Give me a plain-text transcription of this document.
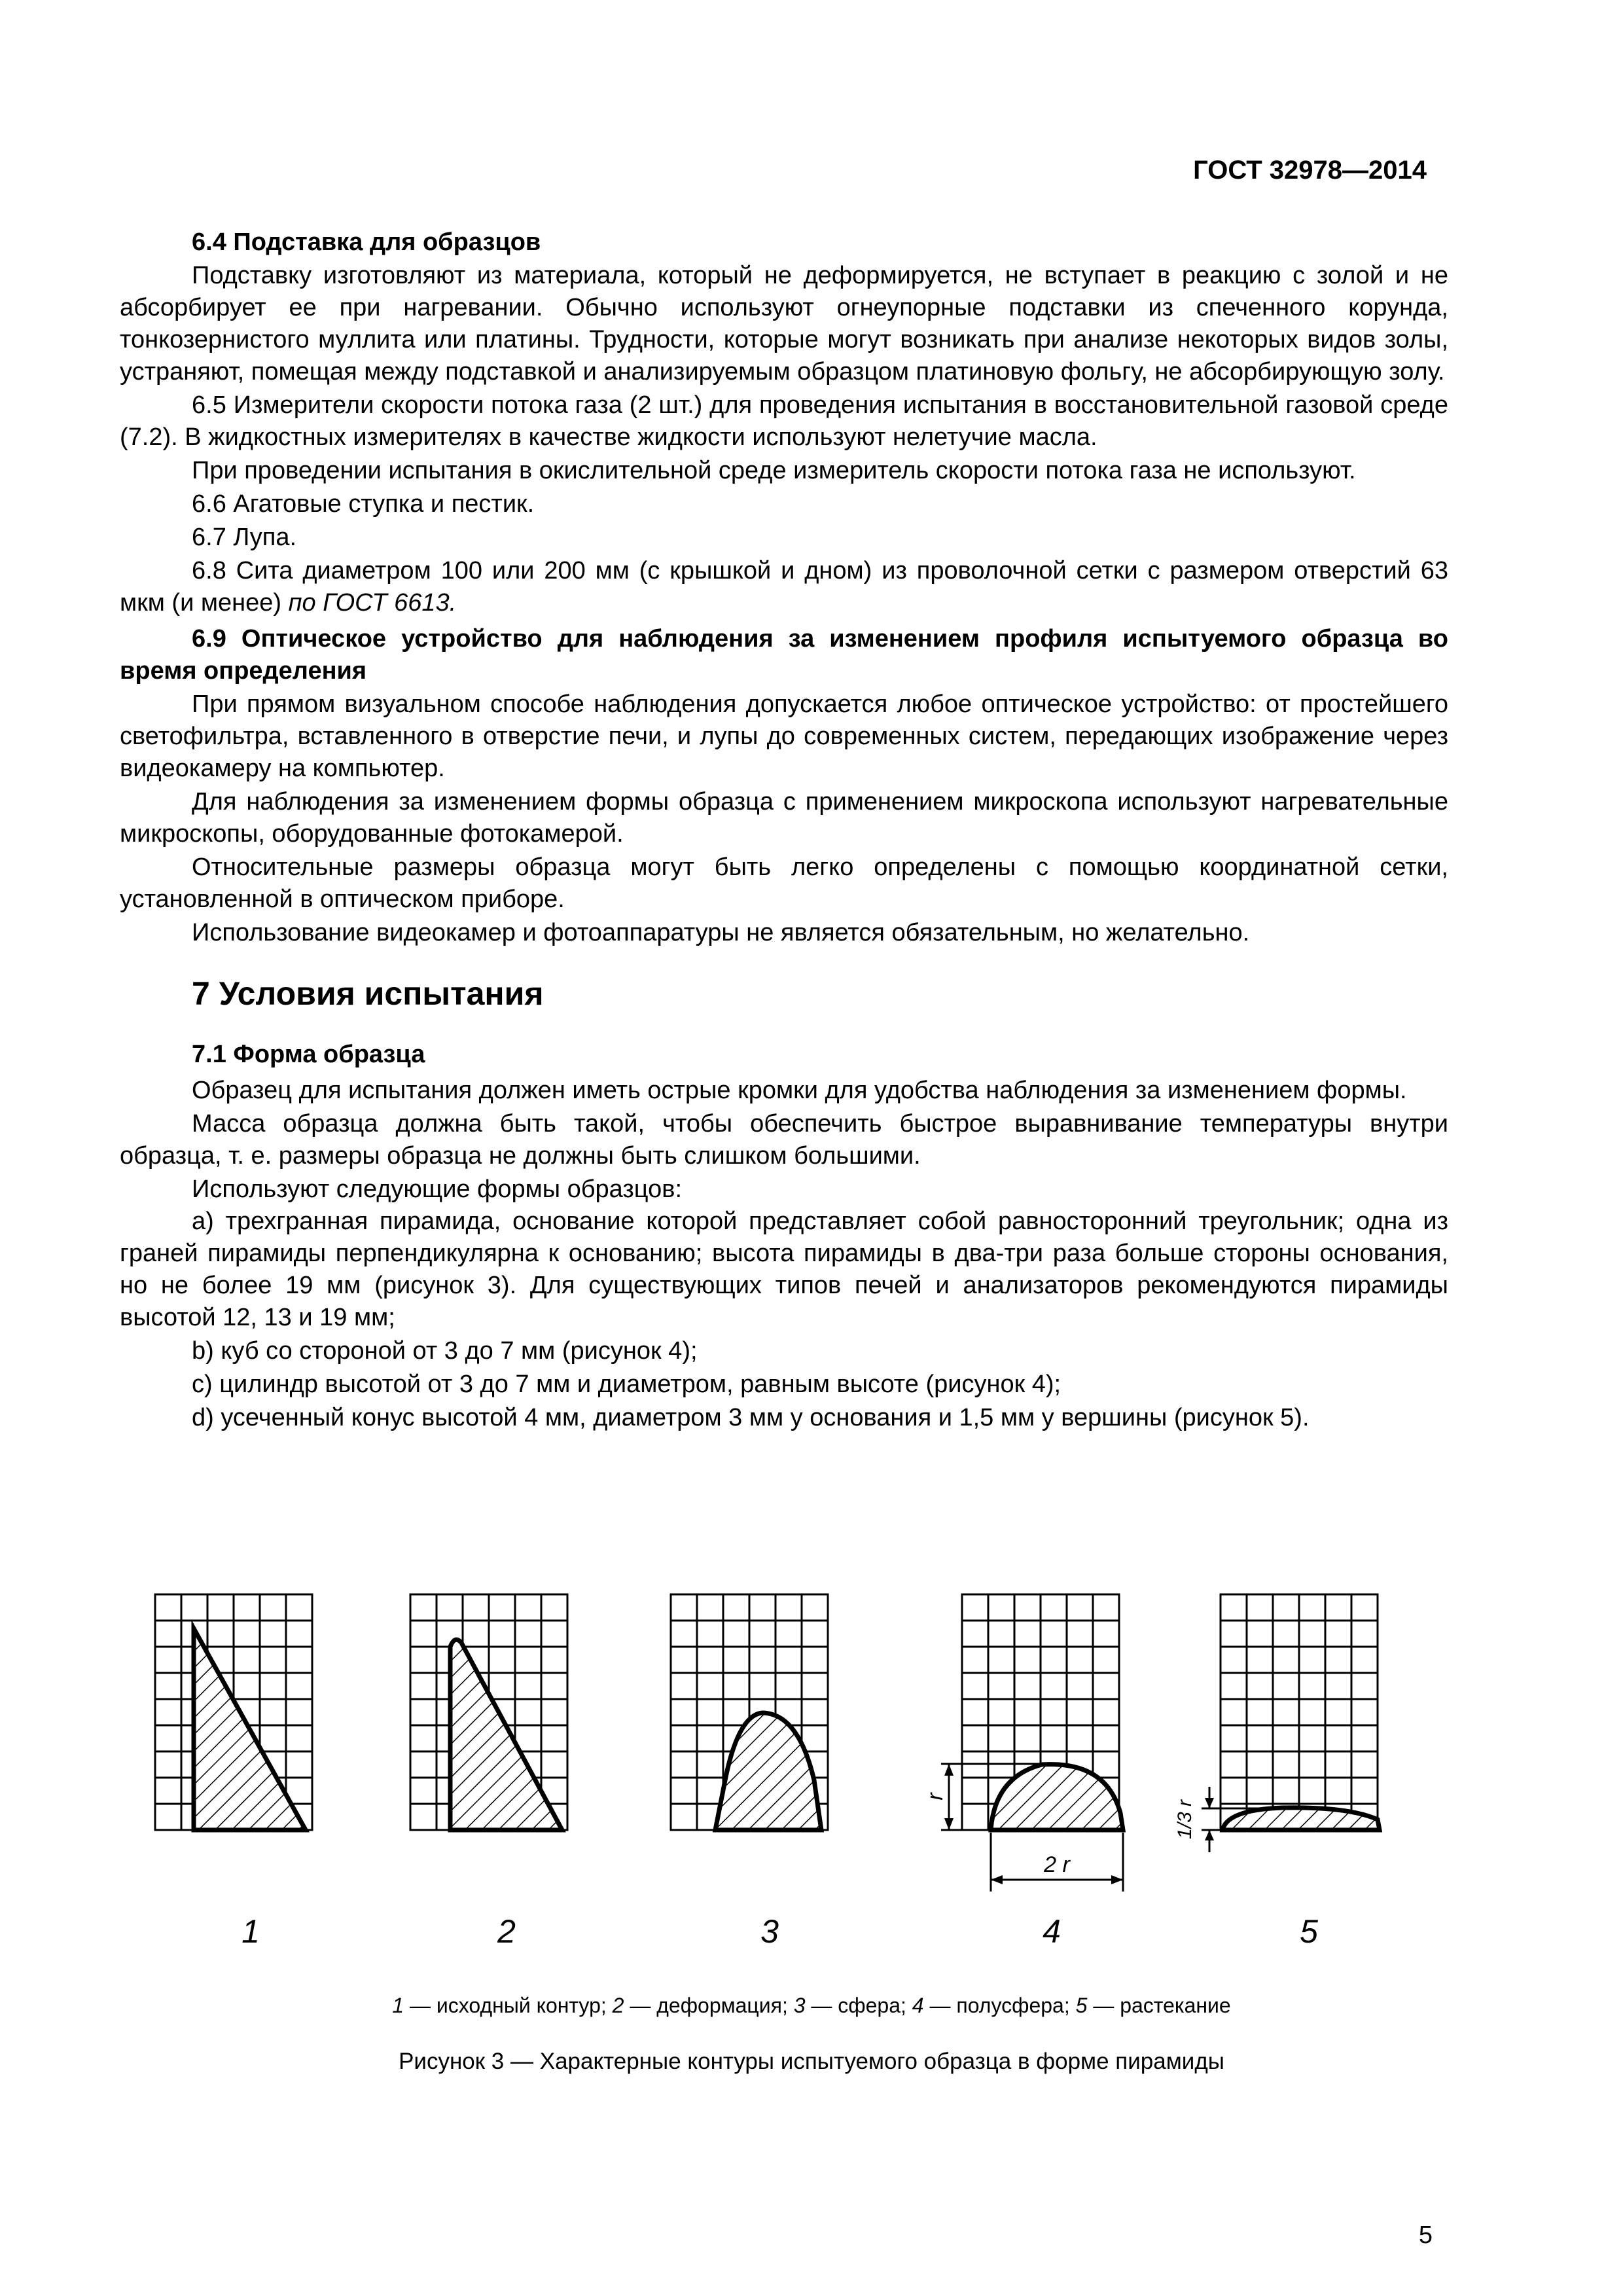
ГОСТ 32978—2014

6.4 Подставка для образцов

Подставку изготовляют из материала, который не деформируется, не вступает в реакцию с золой и не абсорбирует ее при нагревании. Обычно используют огнеупорные подставки из спеченного корунда, тонкозернистого муллита или платины. Трудности, которые могут возникать при анализе некоторых видов золы, устраняют, помещая между подставкой и анализируемым образцом платиновую фольгу, не абсорбирующую золу.

6.5 Измерители скорости потока газа (2 шт.) для проведения испытания в восстановительной газовой среде (7.2). В жидкостных измерителях в качестве жидкости используют нелетучие масла.

При проведении испытания в окислительной среде измеритель скорости потока газа не используют.

6.6 Агатовые ступка и пестик.

6.7 Лупа.

6.8 Сита диаметром 100 или 200 мм (с крышкой и дном) из проволочной сетки с размером отверстий 63 мкм (и менее) по ГОСТ 6613.

6.9 Оптическое устройство для наблюдения за изменением профиля испытуемого образца во время определения

При прямом визуальном способе наблюдения допускается любое оптическое устройство: от простейшего светофильтра, вставленного в отверстие печи, и лупы до современных систем, передающих изображение через видеокамеру на компьютер.

Для наблюдения за изменением формы образца с применением микроскопа используют нагревательные микроскопы, оборудованные фотокамерой.

Относительные размеры образца могут быть легко определены с помощью координатной сетки, установленной в оптическом приборе.

Использование видеокамер и фотоаппаратуры не является обязательным, но желательно.

7 Условия испытания

7.1 Форма образца

Образец для испытания должен иметь острые кромки для удобства наблюдения за изменением формы.

Масса образца должна быть такой, чтобы обеспечить быстрое выравнивание температуры внутри образца, т. е. размеры образца не должны быть слишком большими.

Используют следующие формы образцов:

а) трехгранная пирамида, основание которой представляет собой равносторонний треугольник; одна из граней пирамиды перпендикулярна к основанию; высота пирамиды в два-три раза больше стороны основания, но не более 19 мм (рисунок 3). Для существующих типов печей и анализаторов рекомендуются пирамиды высотой 12, 13 и 19 мм;

b) куб со стороной от 3 до 7 мм (рисунок 4);

c) цилиндр высотой от 3 до 7 мм и диаметром, равным высоте (рисунок 4);

d) усеченный конус высотой 4 мм, диаметром 3 мм у основания и 1,5 мм у вершины (рисунок 5).

r
2 r
1/3 r
1	2	3	4	5
1 — исходный контур; 2 — деформация; 3 — сфера; 4 — полусфера; 5 — растекание
Рисунок 3 — Характерные контуры испытуемого образца в форме пирамиды
5
